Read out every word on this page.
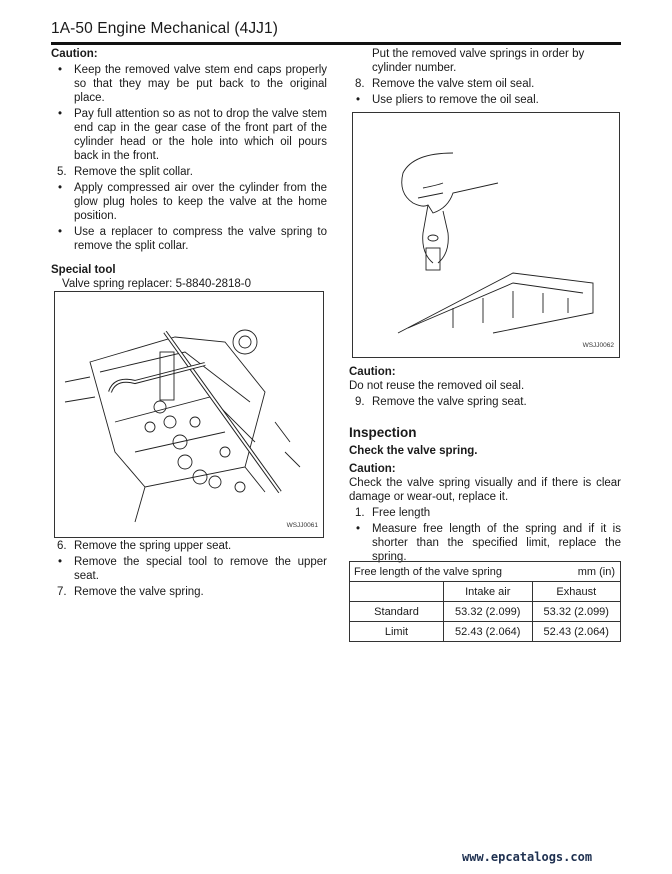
1A-50 Engine Mechanical (4JJ1)

Caution:

• Keep the removed valve stem end caps properly so that they may be put back to the original place.
• Pay full attention so as not to drop the valve stem end cap in the gear case of the front part of the cylinder head or the hole into which oil pours back in the front.
5. Remove the split collar.
• Apply compressed air over the cylinder from the glow plug holes to keep the valve at the home position.
• Use a replacer to compress the valve spring to remove the split collar.

Special tool

Valve spring replacer: 5-8840-2818-0

WSJJ0061
6. Remove the spring upper seat.
• Remove the special tool to remove the upper seat.
7. Remove the valve spring.

Put the removed valve springs in order by cylinder number.

8. Remove the valve stem oil seal.
• Use pliers to remove the oil seal.
WSJJ0062

Caution:

Do not reuse the removed oil seal.

9. Remove the valve spring seat.

Inspection

Check the valve spring.

Caution:

Check the valve spring visually and if there is clear damage or wear-out, replace it.

1. Free length
• Measure free length of the spring and if it is shorter than the specified limit, replace the spring.
Free length of the valve spring mm (in)		

	Intake air	Exhaust
Standard	53.32 (2.099)	53.32 (2.099)
Limit	52.43 (2.064)	52.43 (2.064)
www.epcatalogs.com
